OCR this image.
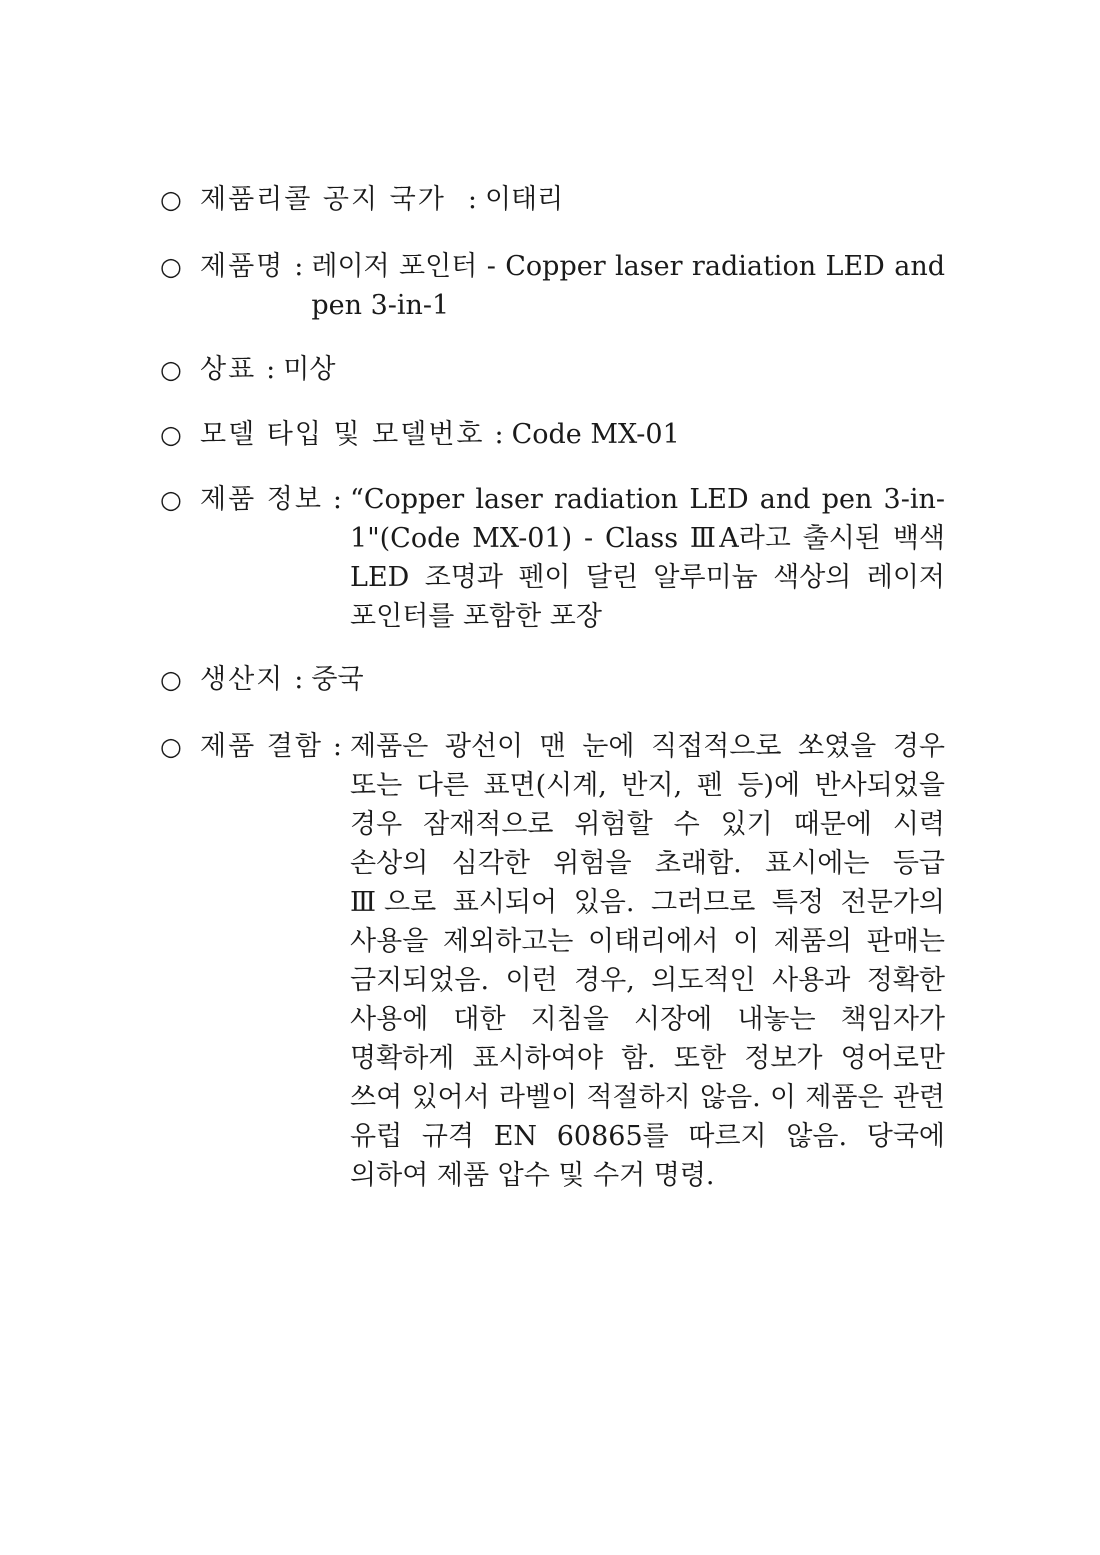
○ 제품리콜 공지 국가 : 이태리
○ 제품명 : 레이저 포인터 - Copper laser radiation LED and pen 3-in-1
○ 상표 : 미상
○ 모델 타입 및 모델번호 : Code MX-01
○ 제품 정보 : “Copper laser radiation LED and pen 3-in-1"(Code MX-01) - Class ⅢA라고 출시된 백색 LED 조명과 펜이 달린 알루미늄 색상의 레이저 포인터를 포함한 포장
○ 생산지 : 중국
○ 제품 결함 : 제품은 광선이 맨 눈에 직접적으로 쏘였을 경우 또는 다른 표면(시계, 반지, 펜 등)에 반사되었을 경우 잠재적으로 위험할 수 있기 때문에 시력 손상의 심각한 위험을 초래함. 표시에는 등급 Ⅲ으로 표시되어 있음. 그러므로 특정 전문가의 사용을 제외하고는 이태리에서 이 제품의 판매는 금지되었음. 이런 경우, 의도적인 사용과 정확한 사용에 대한 지침을 시장에 내놓는 책임자가 명확하게 표시하여야 함. 또한 정보가 영어로만 쓰여 있어서 라벨이 적절하지 않음. 이 제품은 관련 유럽 규격 EN 60865를 따르지 않음. 당국에 의하여 제품 압수 및 수거 명령.
